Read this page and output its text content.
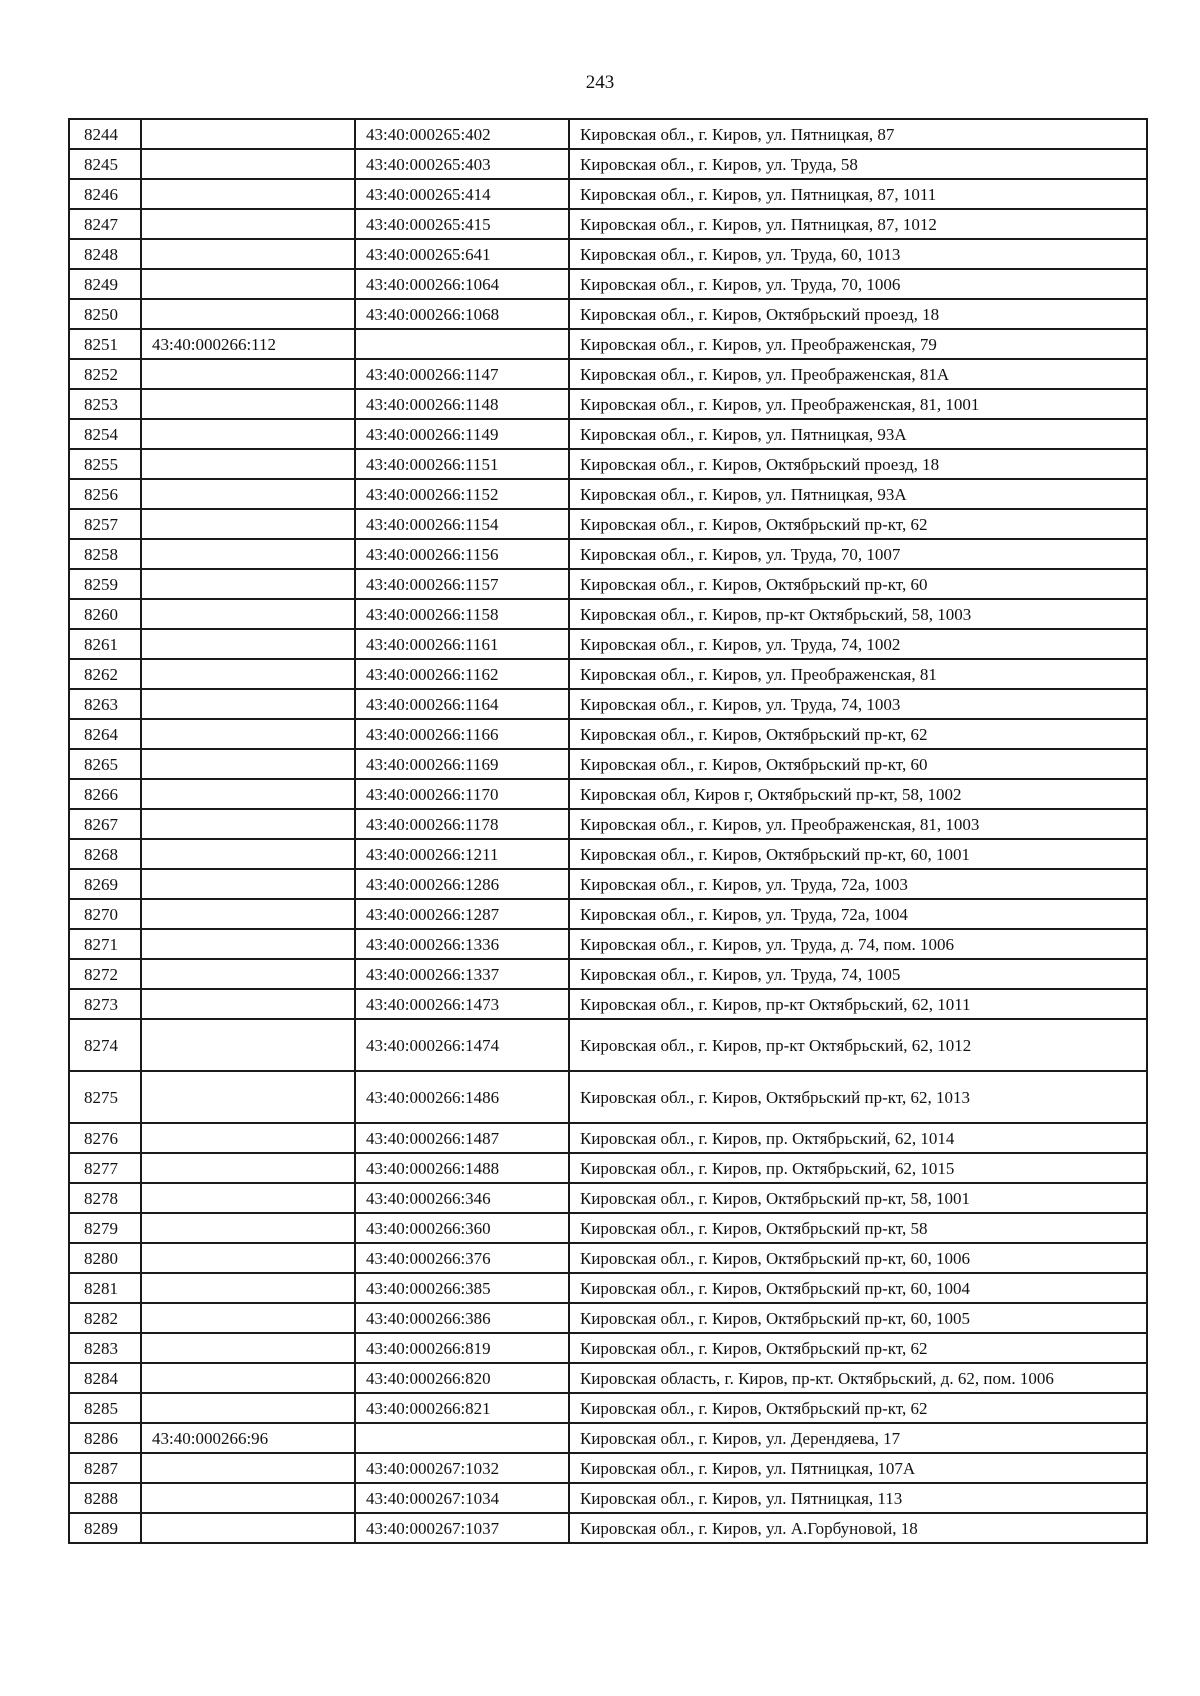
243
8244		43:40:000265:402	Кировская обл., г. Киров, ул. Пятницкая, 87
8245		43:40:000265:403	Кировская обл., г. Киров, ул. Труда, 58
8246		43:40:000265:414	Кировская обл., г. Киров, ул. Пятницкая, 87, 1011
8247		43:40:000265:415	Кировская обл., г. Киров, ул. Пятницкая, 87, 1012
8248		43:40:000265:641	Кировская обл., г. Киров, ул. Труда, 60, 1013
8249		43:40:000266:1064	Кировская обл., г. Киров, ул. Труда, 70, 1006
8250		43:40:000266:1068	Кировская обл., г. Киров, Октябрьский проезд, 18
8251	43:40:000266:112		Кировская обл., г. Киров, ул. Преображенская, 79
8252		43:40:000266:1147	Кировская обл., г. Киров, ул. Преображенская, 81А
8253		43:40:000266:1148	Кировская обл., г. Киров, ул. Преображенская, 81, 1001
8254		43:40:000266:1149	Кировская обл., г. Киров, ул. Пятницкая, 93А
8255		43:40:000266:1151	Кировская обл., г. Киров, Октябрьский проезд, 18
8256		43:40:000266:1152	Кировская обл., г. Киров, ул. Пятницкая, 93А
8257		43:40:000266:1154	Кировская обл., г. Киров, Октябрьский пр-кт, 62
8258		43:40:000266:1156	Кировская обл., г. Киров, ул. Труда, 70, 1007
8259		43:40:000266:1157	Кировская обл., г. Киров, Октябрьский пр-кт, 60
8260		43:40:000266:1158	Кировская обл., г. Киров, пр-кт Октябрьский, 58, 1003
8261		43:40:000266:1161	Кировская обл., г. Киров, ул. Труда, 74, 1002
8262		43:40:000266:1162	Кировская обл., г. Киров, ул. Преображенская, 81
8263		43:40:000266:1164	Кировская обл., г. Киров, ул. Труда, 74, 1003
8264		43:40:000266:1166	Кировская обл., г. Киров, Октябрьский пр-кт, 62
8265		43:40:000266:1169	Кировская обл., г. Киров, Октябрьский пр-кт, 60
8266		43:40:000266:1170	Кировская обл, Киров г, Октябрьский пр-кт, 58, 1002
8267		43:40:000266:1178	Кировская обл., г. Киров, ул. Преображенская, 81, 1003
8268		43:40:000266:1211	Кировская обл., г. Киров, Октябрьский пр-кт, 60, 1001
8269		43:40:000266:1286	Кировская обл., г. Киров, ул. Труда, 72а, 1003
8270		43:40:000266:1287	Кировская обл., г. Киров, ул. Труда, 72а, 1004
8271		43:40:000266:1336	Кировская обл., г. Киров, ул. Труда, д. 74, пом. 1006
8272		43:40:000266:1337	Кировская обл., г. Киров, ул. Труда, 74, 1005
8273		43:40:000266:1473	Кировская обл., г. Киров, пр-кт Октябрьский, 62, 1011
8274		43:40:000266:1474	Кировская обл., г. Киров, пр-кт Октябрьский, 62, 1012
8275		43:40:000266:1486	Кировская обл., г. Киров, Октябрьский пр-кт, 62, 1013
8276		43:40:000266:1487	Кировская обл., г. Киров, пр. Октябрьский, 62, 1014
8277		43:40:000266:1488	Кировская обл., г. Киров, пр. Октябрьский, 62, 1015
8278		43:40:000266:346	Кировская обл., г. Киров, Октябрьский пр-кт, 58, 1001
8279		43:40:000266:360	Кировская обл., г. Киров, Октябрьский пр-кт, 58
8280		43:40:000266:376	Кировская обл., г. Киров, Октябрьский пр-кт, 60, 1006
8281		43:40:000266:385	Кировская обл., г. Киров, Октябрьский пр-кт, 60, 1004
8282		43:40:000266:386	Кировская обл., г. Киров, Октябрьский пр-кт, 60, 1005
8283		43:40:000266:819	Кировская обл., г. Киров, Октябрьский пр-кт, 62
8284		43:40:000266:820	Кировская область, г. Киров, пр-кт. Октябрьский, д. 62, пом. 1006
8285		43:40:000266:821	Кировская обл., г. Киров, Октябрьский пр-кт, 62
8286	43:40:000266:96		Кировская обл., г. Киров, ул. Дерендяева, 17
8287		43:40:000267:1032	Кировская обл., г. Киров, ул. Пятницкая, 107А
8288		43:40:000267:1034	Кировская обл., г. Киров, ул. Пятницкая, 113
8289		43:40:000267:1037	Кировская обл., г. Киров, ул. А.Горбуновой, 18
